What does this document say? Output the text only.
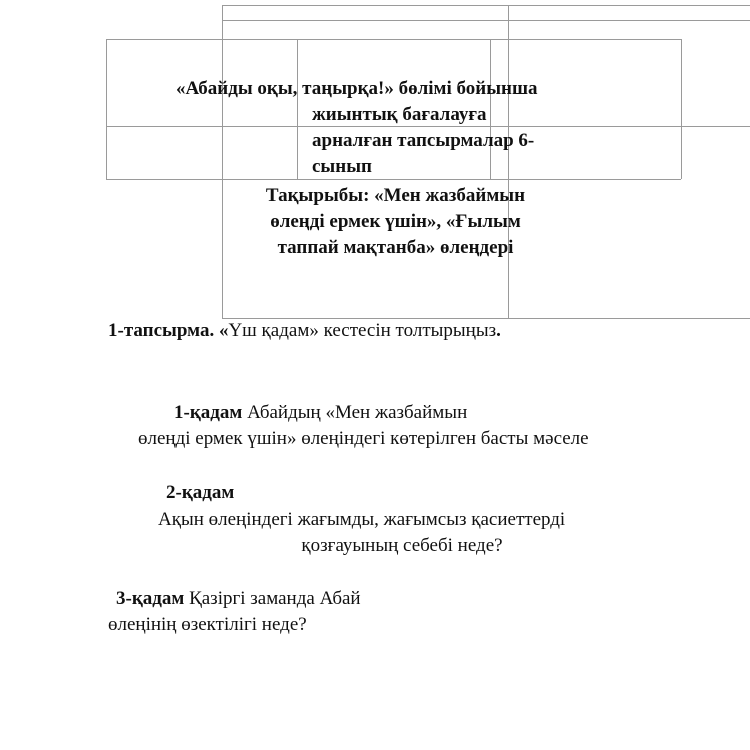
«Абайды оқы, таңырқа!» бөлімі бойынша
жиынтық бағалауға
арналған тапсырмалар 6-
сынып
Тақырыбы: «Мен жазбаймын
өлеңді ермек үшін», «Ғылым
таппай мақтанба» өлеңдері
1-тапсырма. «Үш қадам» кестесін толтырыңыз.
1-қадам Абайдың «Мен жазбаймын
өлеңді ермек үшін» өлеңіндегі көтерілген басты мәселе
2-қадам
Ақын өлеңіндегі жағымды, жағымсыз қасиеттерді
қозғауының себебі неде?
3-қадам Қазіргі заманда Абай
өлеңінің өзектілігі неде?
